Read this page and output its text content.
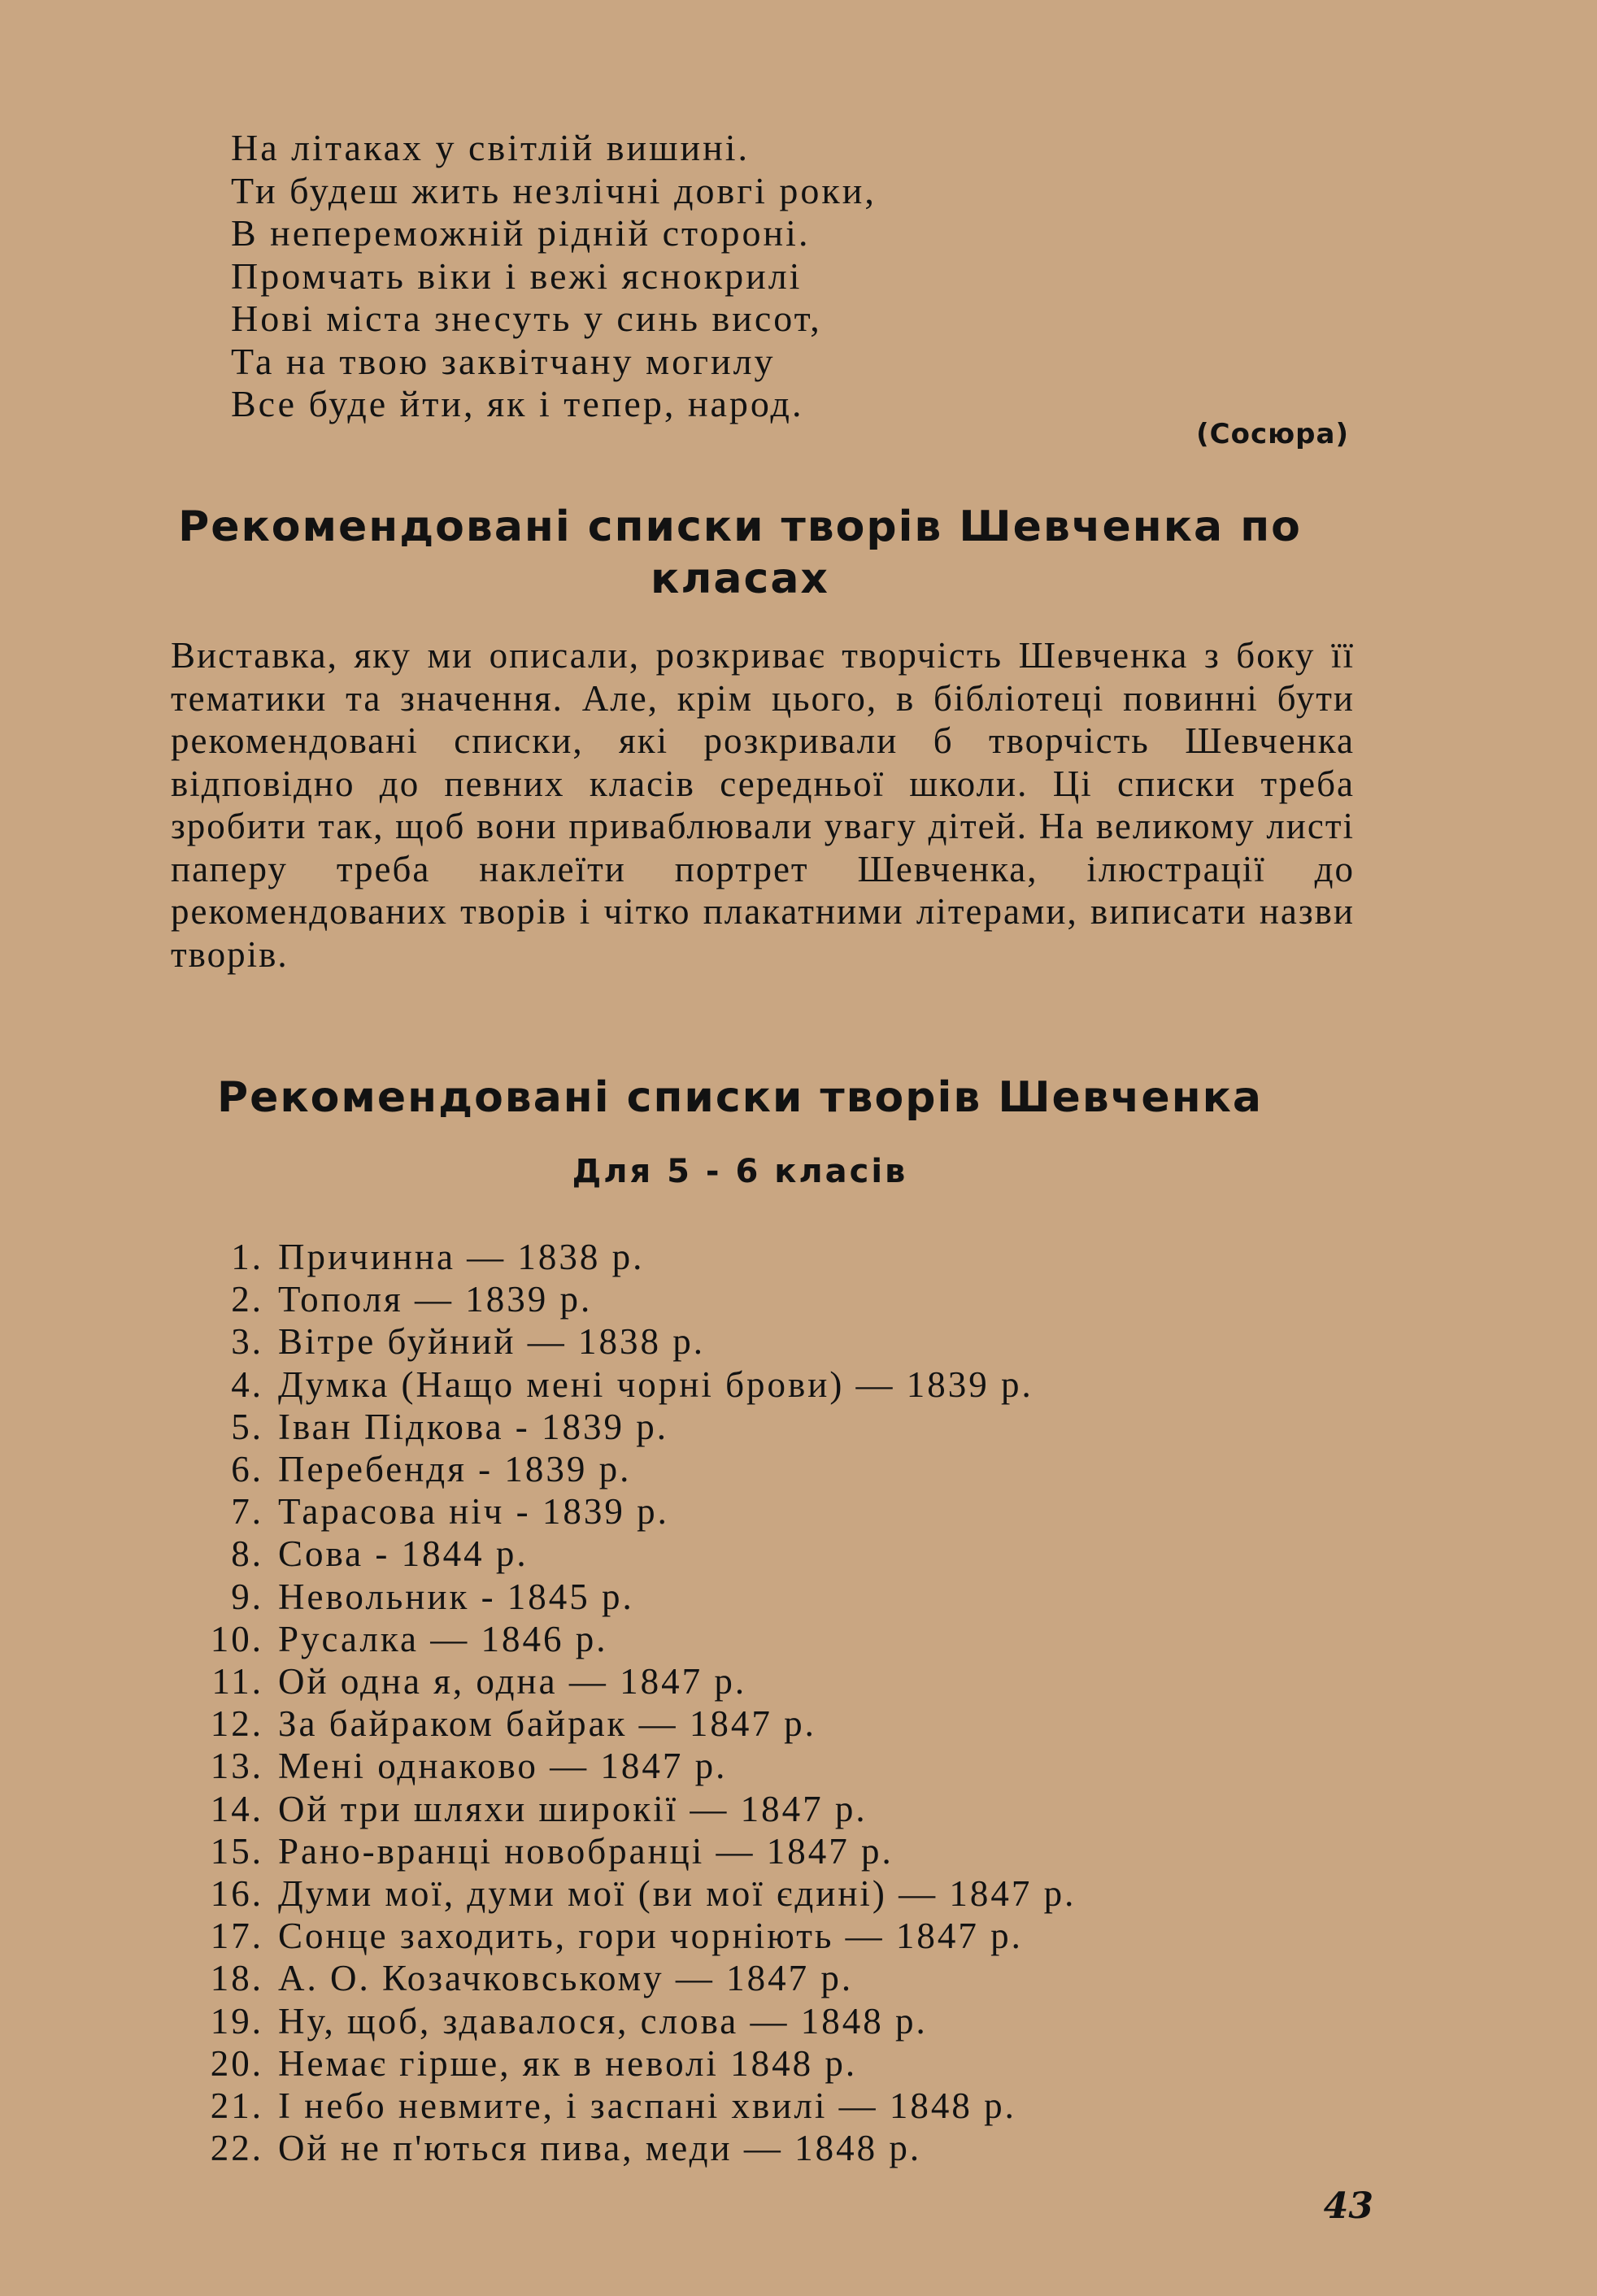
На літаках у світлій вишині.
Ти будеш жить незлічні довгі роки,
В непереможній рідній стороні.
Промчать віки і вежі яснокрилі
Нові міста знесуть у синь висот,
Та на твою заквітчану могилу
Все буде йти, як і тепер, народ.
(Сосюра)
Рекомендовані списки творів Шевченка по
класах
Виставка, яку ми описали, розкриває творчість Шевченка з боку її тематики та значення. Але, крім цього, в бібліотеці повинні бути рекомендовані списки, які розкривали б творчість Шевченка відповідно до певних класів середньої школи. Ці списки треба зробити так, щоб вони приваблювали увагу дітей. На великому листі паперу треба наклеїти портрет Шевченка, ілюстрації до рекомендованих творів і чітко плакатними літерами, виписати назви творів.
Рекомендовані списки творів Шевченка
Для 5 - 6 класів
1. Причинна — 1838 р.
2. Тополя — 1839 р.
3. Вітре буйний — 1838 р.
4. Думка (Нащо мені чорні брови) — 1839 р.
5. Іван Підкова - 1839 р.
6. Перебендя - 1839 р.
7. Тарасова ніч - 1839 р.
8. Сова - 1844 р.
9. Невольник - 1845 р.
10. Русалка — 1846 р.
11. Ой одна я, одна — 1847 р.
12. За байраком байрак — 1847 р.
13. Мені однаково — 1847 р.
14. Ой три шляхи широкії — 1847 р.
15. Рано-вранці новобранці — 1847 р.
16. Думи мої, думи мої (ви мої єдині) — 1847 р.
17. Сонце заходить, гори чорніють — 1847 р.
18. А. О. Козачковському — 1847 р.
19. Ну, щоб, здавалося, слова — 1848 р.
20. Немає гірше, як в неволі 1848 р.
21. І небо невмите, і заспані хвилі — 1848 р.
22. Ой не п'ються пива, меди — 1848 р.
43
